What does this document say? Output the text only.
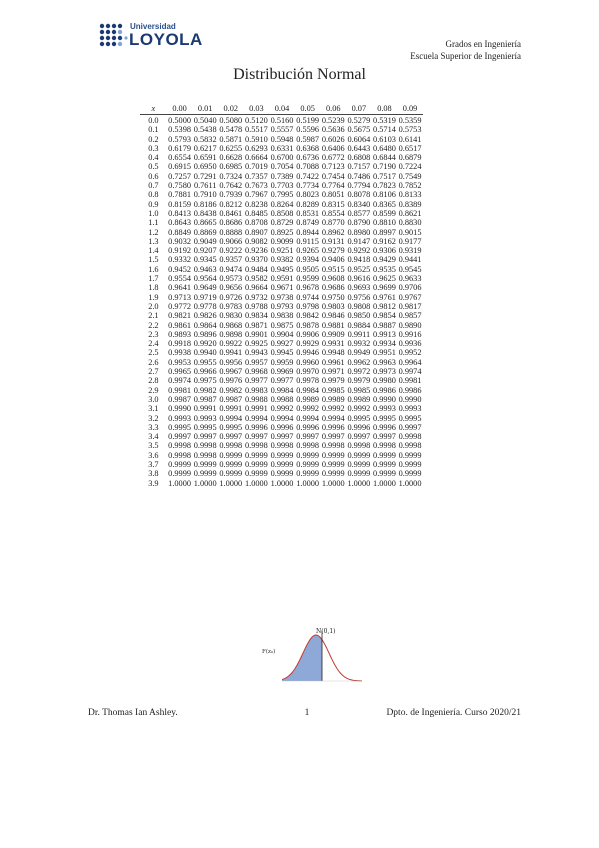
Universidad
LOYOLA	Grados en Ingeniería
Escuela Superior de Ingeniería
Distribución Normal
x	0.00	0.01	0.02	0.03	0.04	0.05	0.06	0.07	0.08	0.09
0.0	0.5000	0.5040	0.5080	0.5120	0.5160	0.5199	0.5239	0.5279	0.5319	0.5359
0.1	0.5398	0.5438	0.5478	0.5517	0.5557	0.5596	0.5636	0.5675	0.5714	0.5753
0.2	0.5793	0.5832	0.5871	0.5910	0.5948	0.5987	0.6026	0.6064	0.6103	0.6141
0.3	0.6179	0.6217	0.6255	0.6293	0.6331	0.6368	0.6406	0.6443	0.6480	0.6517
0.4	0.6554	0.6591	0.6628	0.6664	0.6700	0.6736	0.6772	0.6808	0.6844	0.6879
0.5	0.6915	0.6950	0.6985	0.7019	0.7054	0.7088	0.7123	0.7157	0.7190	0.7224
0.6	0.7257	0.7291	0.7324	0.7357	0.7389	0.7422	0.7454	0.7486	0.7517	0.7549
0.7	0.7580	0.7611	0.7642	0.7673	0.7703	0.7734	0.7764	0.7794	0.7823	0.7852
0.8	0.7881	0.7910	0.7939	0.7967	0.7995	0.8023	0.8051	0.8078	0.8106	0.8133
0.9	0.8159	0.8186	0.8212	0.8238	0.8264	0.8289	0.8315	0.8340	0.8365	0.8389
1.0	0.8413	0.8438	0.8461	0.8485	0.8508	0.8531	0.8554	0.8577	0.8599	0.8621
1.1	0.8643	0.8665	0.8686	0.8708	0.8729	0.8749	0.8770	0.8790	0.8810	0.8830
1.2	0.8849	0.8869	0.8888	0.8907	0.8925	0.8944	0.8962	0.8980	0.8997	0.9015
1.3	0.9032	0.9049	0.9066	0.9082	0.9099	0.9115	0.9131	0.9147	0.9162	0.9177
1.4	0.9192	0.9207	0.9222	0.9236	0.9251	0.9265	0.9279	0.9292	0.9306	0.9319
1.5	0.9332	0.9345	0.9357	0.9370	0.9382	0.9394	0.9406	0.9418	0.9429	0.9441
1.6	0.9452	0.9463	0.9474	0.9484	0.9495	0.9505	0.9515	0.9525	0.9535	0.9545
1.7	0.9554	0.9564	0.9573	0.9582	0.9591	0.9599	0.9608	0.9616	0.9625	0.9633
1.8	0.9641	0.9649	0.9656	0.9664	0.9671	0.9678	0.9686	0.9693	0.9699	0.9706
1.9	0.9713	0.9719	0.9726	0.9732	0.9738	0.9744	0.9750	0.9756	0.9761	0.9767
2.0	0.9772	0.9778	0.9783	0.9788	0.9793	0.9798	0.9803	0.9808	0.9812	0.9817
2.1	0.9821	0.9826	0.9830	0.9834	0.9838	0.9842	0.9846	0.9850	0.9854	0.9857
2.2	0.9861	0.9864	0.9868	0.9871	0.9875	0.9878	0.9881	0.9884	0.9887	0.9890
2.3	0.9893	0.9896	0.9898	0.9901	0.9904	0.9906	0.9909	0.9911	0.9913	0.9916
2.4	0.9918	0.9920	0.9922	0.9925	0.9927	0.9929	0.9931	0.9932	0.9934	0.9936
2.5	0.9938	0.9940	0.9941	0.9943	0.9945	0.9946	0.9948	0.9949	0.9951	0.9952
2.6	0.9953	0.9955	0.9956	0.9957	0.9959	0.9960	0.9961	0.9962	0.9963	0.9964
2.7	0.9965	0.9966	0.9967	0.9968	0.9969	0.9970	0.9971	0.9972	0.9973	0.9974
2.8	0.9974	0.9975	0.9976	0.9977	0.9977	0.9978	0.9979	0.9979	0.9980	0.9981
2.9	0.9981	0.9982	0.9982	0.9983	0.9984	0.9984	0.9985	0.9985	0.9986	0.9986
3.0	0.9987	0.9987	0.9987	0.9988	0.9988	0.9989	0.9989	0.9989	0.9990	0.9990
3.1	0.9990	0.9991	0.9991	0.9991	0.9992	0.9992	0.9992	0.9992	0.9993	0.9993
3.2	0.9993	0.9993	0.9994	0.9994	0.9994	0.9994	0.9994	0.9995	0.9995	0.9995
3.3	0.9995	0.9995	0.9995	0.9996	0.9996	0.9996	0.9996	0.9996	0.9996	0.9997
3.4	0.9997	0.9997	0.9997	0.9997	0.9997	0.9997	0.9997	0.9997	0.9997	0.9998
3.5	0.9998	0.9998	0.9998	0.9998	0.9998	0.9998	0.9998	0.9998	0.9998	0.9998
3.6	0.9998	0.9998	0.9999	0.9999	0.9999	0.9999	0.9999	0.9999	0.9999	0.9999
3.7	0.9999	0.9999	0.9999	0.9999	0.9999	0.9999	0.9999	0.9999	0.9999	0.9999
3.8	0.9999	0.9999	0.9999	0.9999	0.9999	0.9999	0.9999	0.9999	0.9999	0.9999
3.9	1.0000	1.0000	1.0000	1.0000	1.0000	1.0000	1.0000	1.0000	1.0000	1.0000
N(0,1)
F(z₀)
Dr. Thomas Ian Ashley.	1	Dpto. de Ingeniería. Curso 2020/21
